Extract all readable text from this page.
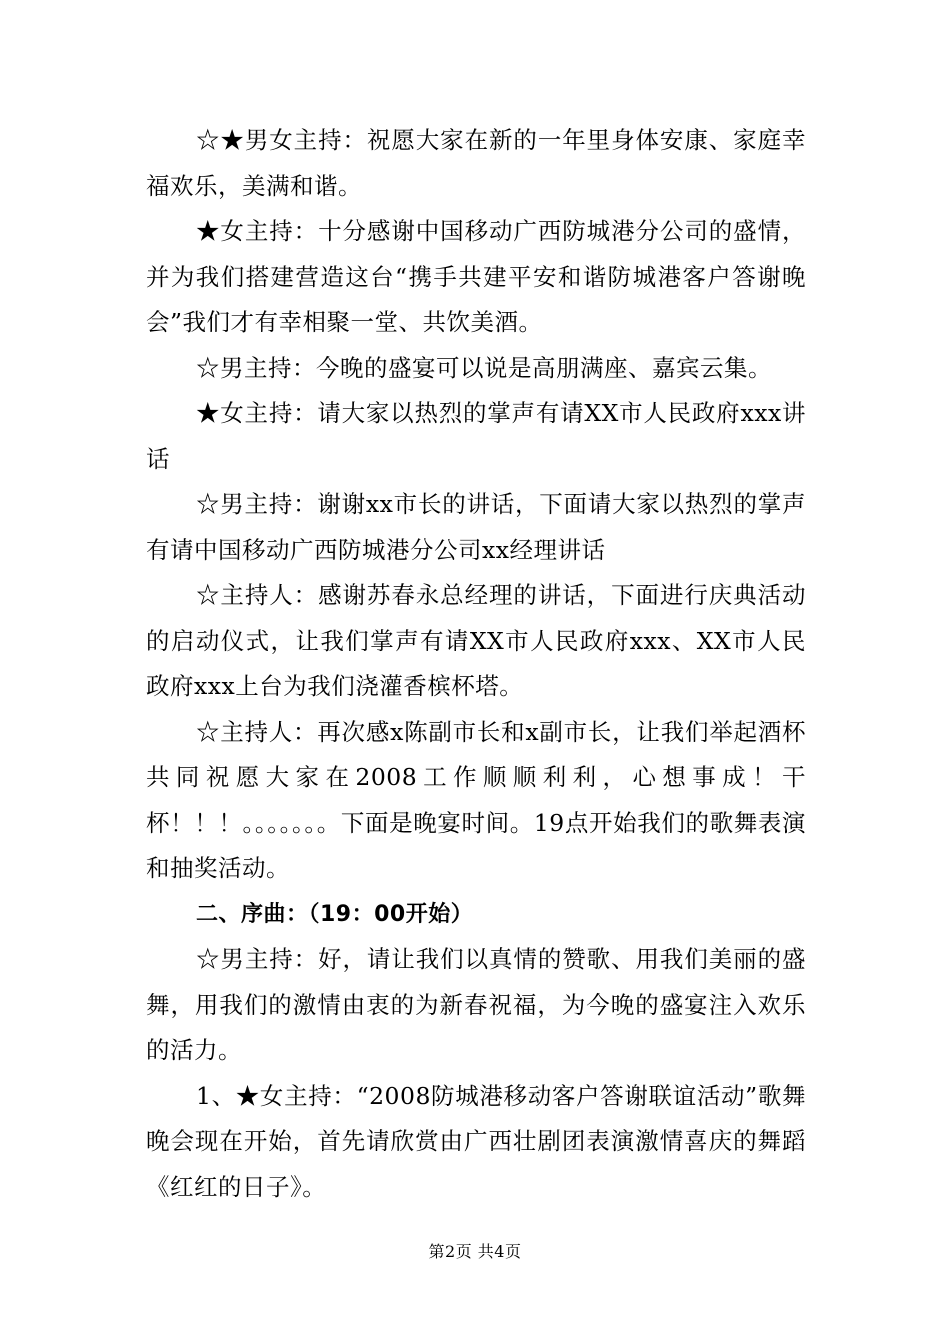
☆★男女主持：祝愿大家在新的一年里身体安康、家庭幸福欢乐，美满和谐。

★女主持：十分感谢中国移动广西防城港分公司的盛情，并为我们搭建营造这台“携手共建平安和谐防城港客户答谢晚会”我们才有幸相聚一堂、共饮美酒。

☆男主持：今晚的盛宴可以说是高朋满座、嘉宾云集。

★女主持：请大家以热烈的掌声有请XX市人民政府xxx讲话

☆男主持：谢谢xx市长的讲话，下面请大家以热烈的掌声有请中国移动广西防城港分公司xx经理讲话

☆主持人：感谢苏春永总经理的讲话，下面进行庆典活动的启动仪式，让我们掌声有请XX市人民政府xxx、XX市人民政府xxx上台为我们浇灌香槟杯塔。

☆主持人：再次感x陈副市长和x副市长，让我们举起酒杯共同祝愿大家在2008工作顺顺利利，心想事成！干杯！！！。。。。。。。下面是晚宴时间。19点开始我们的歌舞表演和抽奖活动。

二、序曲：（19：00开始）

☆男主持：好，请让我们以真情的赞歌、用我们美丽的盛舞，用我们的激情由衷的为新春祝福，为今晚的盛宴注入欢乐的活力。

1、★女主持：“2008防城港移动客户答谢联谊活动”歌舞晚会现在开始，首先请欣赏由广西壮剧团表演激情喜庆的舞蹈《红红的日子》。

第2页 共4页
